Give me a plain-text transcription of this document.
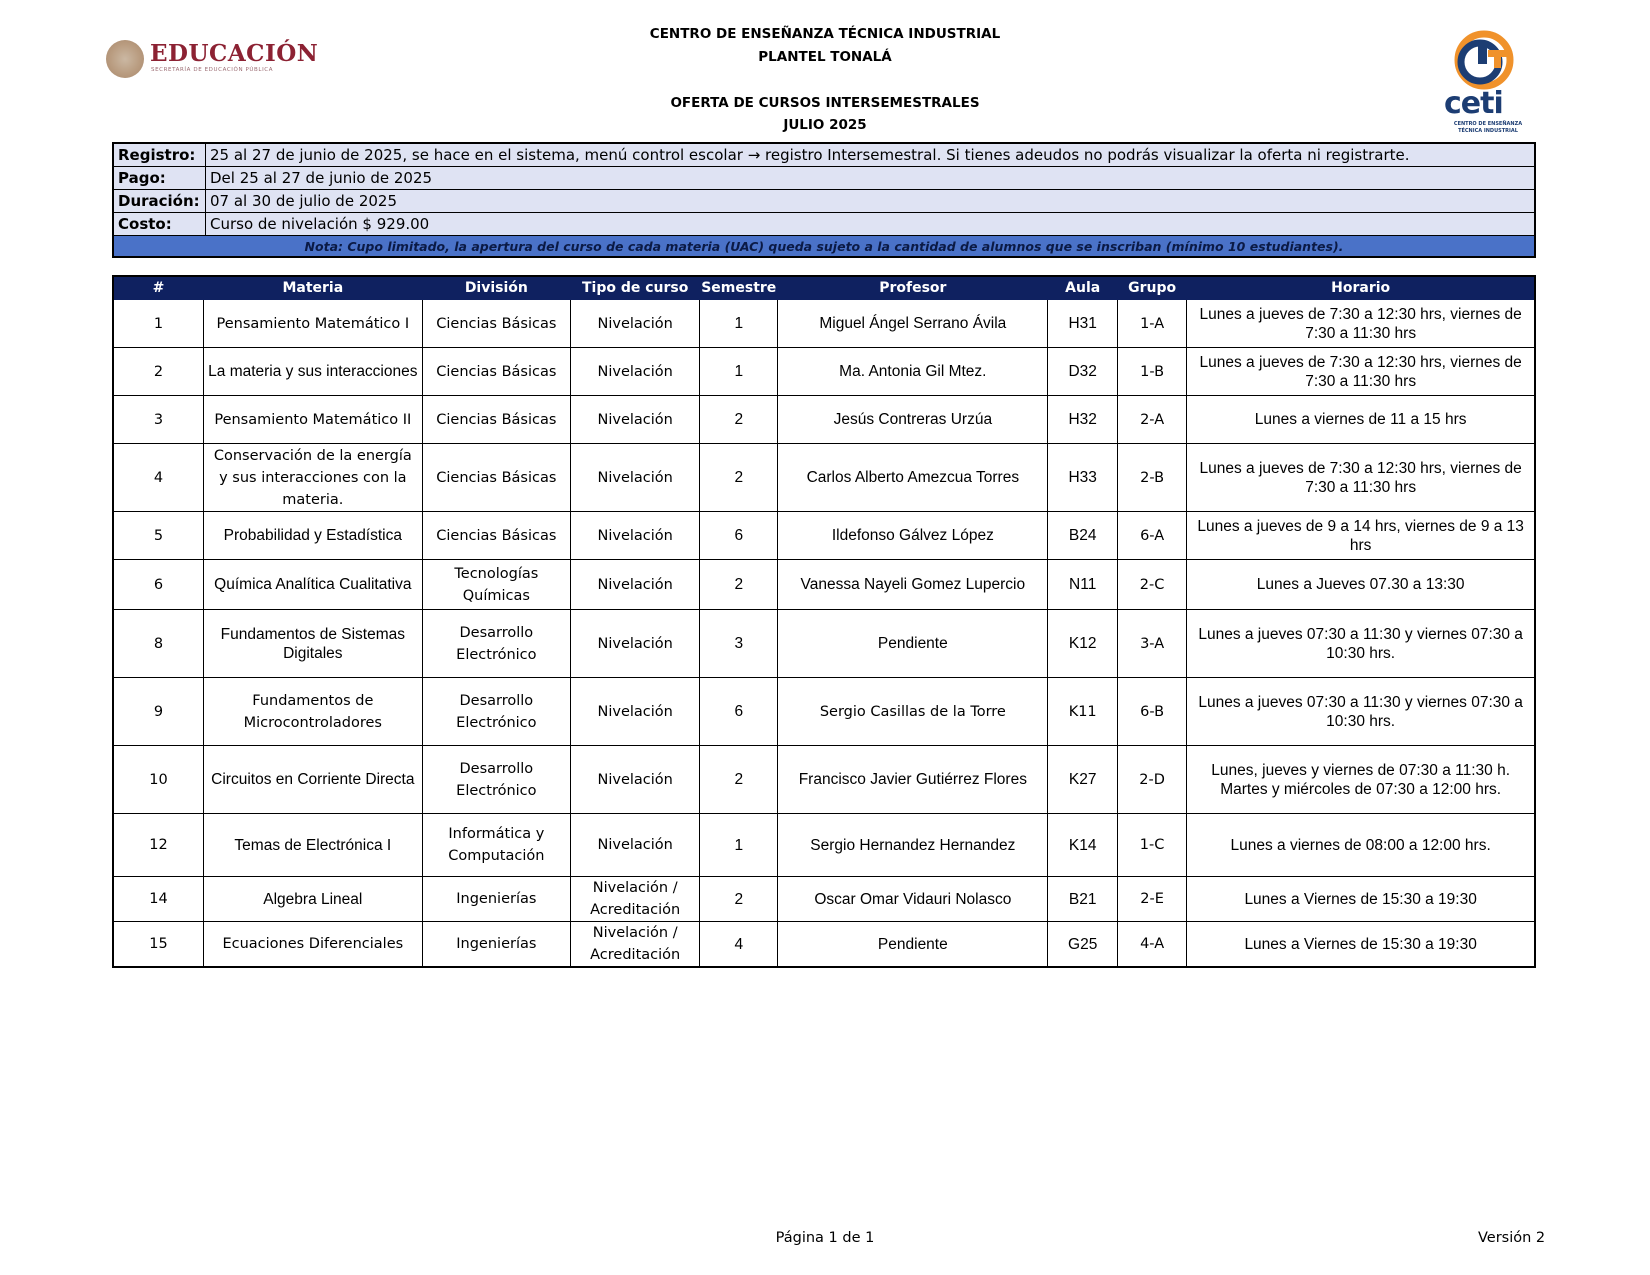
CENTRO DE ENSEÑANZA TÉCNICA INDUSTRIAL
PLANTEL TONALÁ
OFERTA DE CURSOS INTERSEMESTRALES
JULIO 2025
EDUCACIÓN
SECRETARÍA DE EDUCACIÓN PÚBLICA
ceti
CENTRO DE ENSEÑANZA
TÉCNICA INDUSTRIAL
Registro:	25 al 27 de junio de 2025, se hace en el sistema, menú control escolar → registro Intersemestral. Si tienes adeudos no podrás visualizar la oferta ni registrarte.
Pago:	Del 25 al 27 de junio de 2025
Duración:	07 al 30 de julio de 2025
Costo:	Curso de nivelación $ 929.00
Nota: Cupo limitado, la apertura del curso de cada materia (UAC) queda sujeto a la cantidad de alumnos que se inscriban (mínimo 10 estudiantes).	
#	Materia	División	Tipo de curso	Semestre	Profesor	Aula	Grupo	Horario
1	Pensamiento Matemático I	Ciencias Básicas	Nivelación	1	Miguel Ángel Serrano Ávila	H31	1-A	Lunes a jueves de 7:30 a 12:30 hrs, viernes de 7:30 a 11:30 hrs
2	La materia y sus interacciones	Ciencias Básicas	Nivelación	1	Ma. Antonia Gil Mtez.	D32	1-B	Lunes a jueves de 7:30 a 12:30 hrs, viernes de 7:30 a 11:30 hrs
3	Pensamiento Matemático II	Ciencias Básicas	Nivelación	2	Jesús Contreras Urzúa	H32	2-A	Lunes a viernes de 11 a 15 hrs
4	Conservación de la energía y sus interacciones con la materia.	Ciencias Básicas	Nivelación	2	Carlos Alberto Amezcua Torres	H33	2-B	Lunes a jueves de 7:30 a 12:30 hrs, viernes de 7:30 a 11:30 hrs
5	Probabilidad y Estadística	Ciencias Básicas	Nivelación	6	Ildefonso Gálvez López	B24	6-A	Lunes a jueves de 9 a 14 hrs, viernes de 9 a 13 hrs
6	Química Analítica Cualitativa	Tecnologías Químicas	Nivelación	2	Vanessa Nayeli Gomez Lupercio	N11	2-C	Lunes a Jueves 07.30 a 13:30
8	Fundamentos de Sistemas Digitales	Desarrollo Electrónico	Nivelación	3	Pendiente	K12	3-A	Lunes a jueves 07:30 a 11:30 y viernes 07:30 a 10:30 hrs.
9	Fundamentos de Microcontroladores	Desarrollo Electrónico	Nivelación	6	Sergio Casillas de la Torre	K11	6-B	Lunes a jueves 07:30 a 11:30 y viernes 07:30 a 10:30 hrs.
10	Circuitos en Corriente Directa	Desarrollo Electrónico	Nivelación	2	Francisco Javier Gutiérrez Flores	K27	2-D	Lunes, jueves y viernes de 07:30 a 11:30 h. Martes y miércoles de 07:30 a 12:00 hrs.
12	Temas de Electrónica I	Informática y Computación	Nivelación	1	Sergio Hernandez Hernandez	K14	1-C	Lunes a viernes de 08:00 a 12:00 hrs.
14	Algebra Lineal	Ingenierías	Nivelación / Acreditación	2	Oscar Omar Vidauri Nolasco	B21	2-E	Lunes a Viernes de 15:30 a 19:30
15	Ecuaciones Diferenciales	Ingenierías	Nivelación / Acreditación	4	Pendiente	G25	4-A	Lunes a Viernes de 15:30 a 19:30
Página 1 de 1	Versión 2
